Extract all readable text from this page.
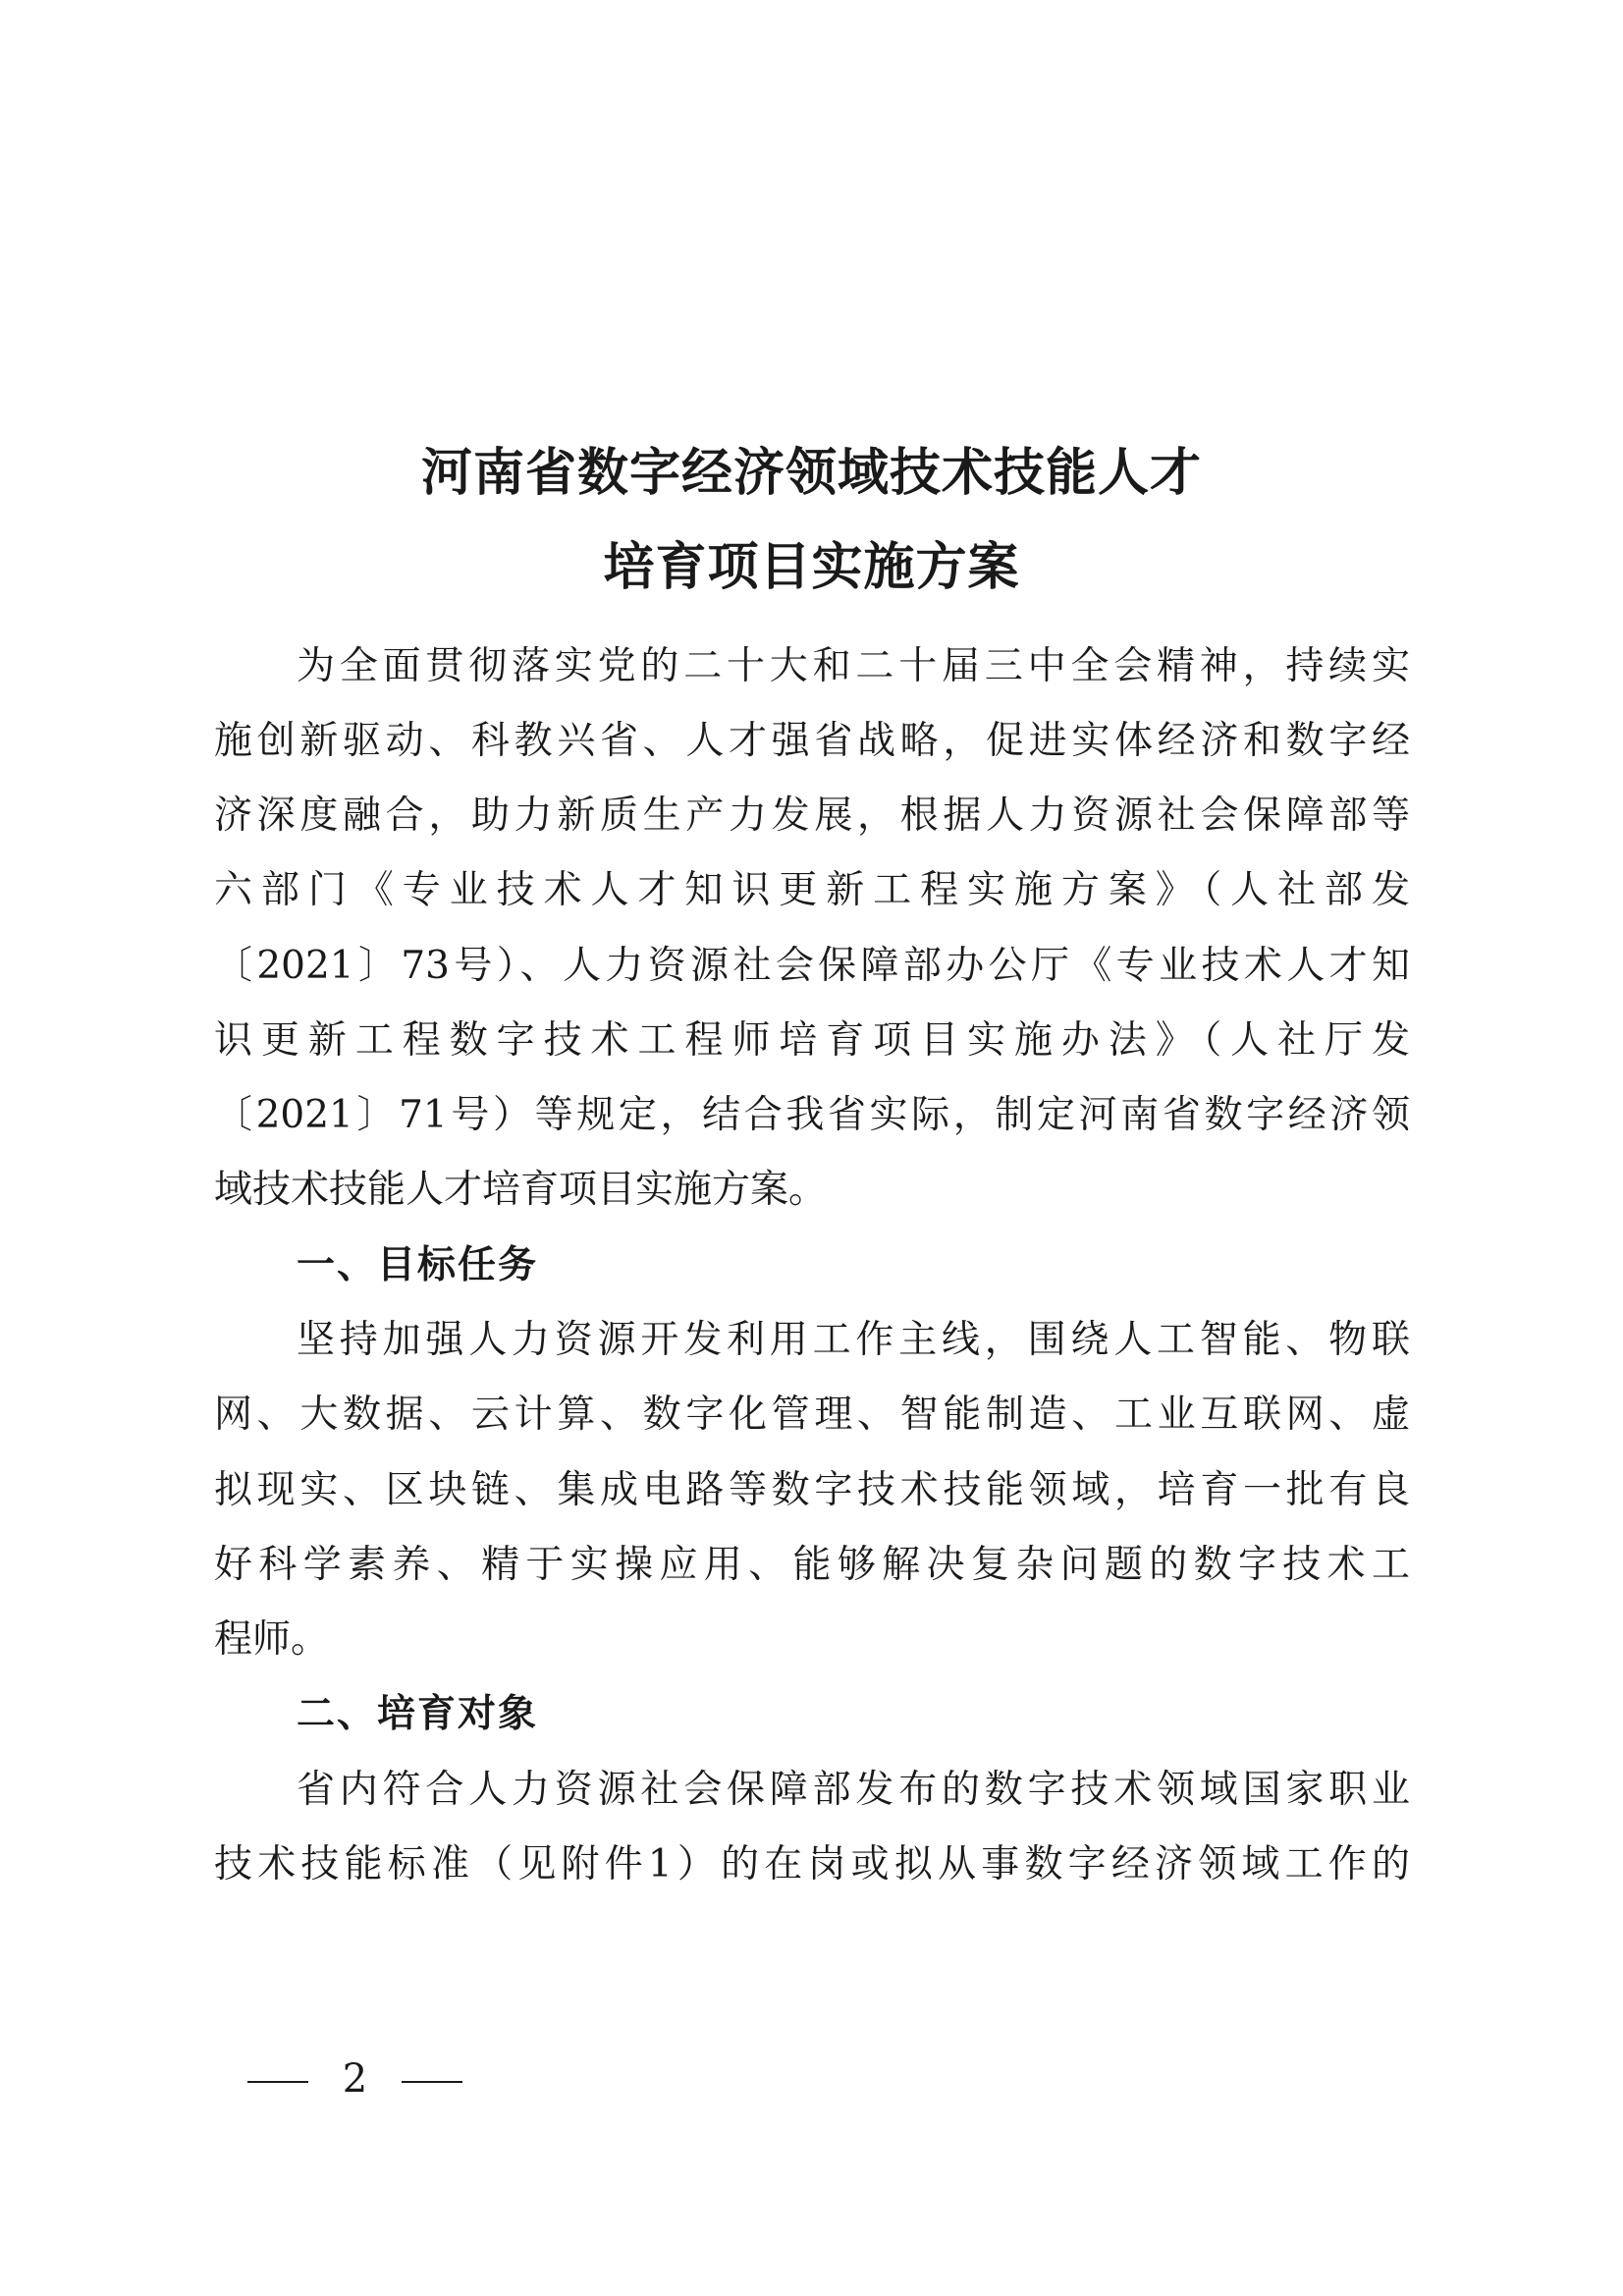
河南省数字经济领域技术技能人才
培育项目实施方案
为全面贯彻落实党的二十大和二十届三中全会精神，持续实
施创新驱动、科教兴省、人才强省战略，促进实体经济和数字经
济深度融合，助力新质生产力发展，根据人力资源社会保障部等
六部门《专业技术人才知识更新工程实施方案》（人社部发
〔2021〕73号）、人力资源社会保障部办公厅《专业技术人才知
识更新工程数字技术工程师培育项目实施办法》（人社厅发
〔2021〕71号）等规定，结合我省实际，制定河南省数字经济领
域技术技能人才培育项目实施方案。
一、目标任务
坚持加强人力资源开发利用工作主线，围绕人工智能、物联
网、大数据、云计算、数字化管理、智能制造、工业互联网、虚
拟现实、区块链、集成电路等数字技术技能领域，培育一批有良
好科学素养、精于实操应用、能够解决复杂问题的数字技术工
程师。
二、培育对象
省内符合人力资源社会保障部发布的数字技术领域国家职业
技术技能标准（见附件1）的在岗或拟从事数字经济领域工作的
2
